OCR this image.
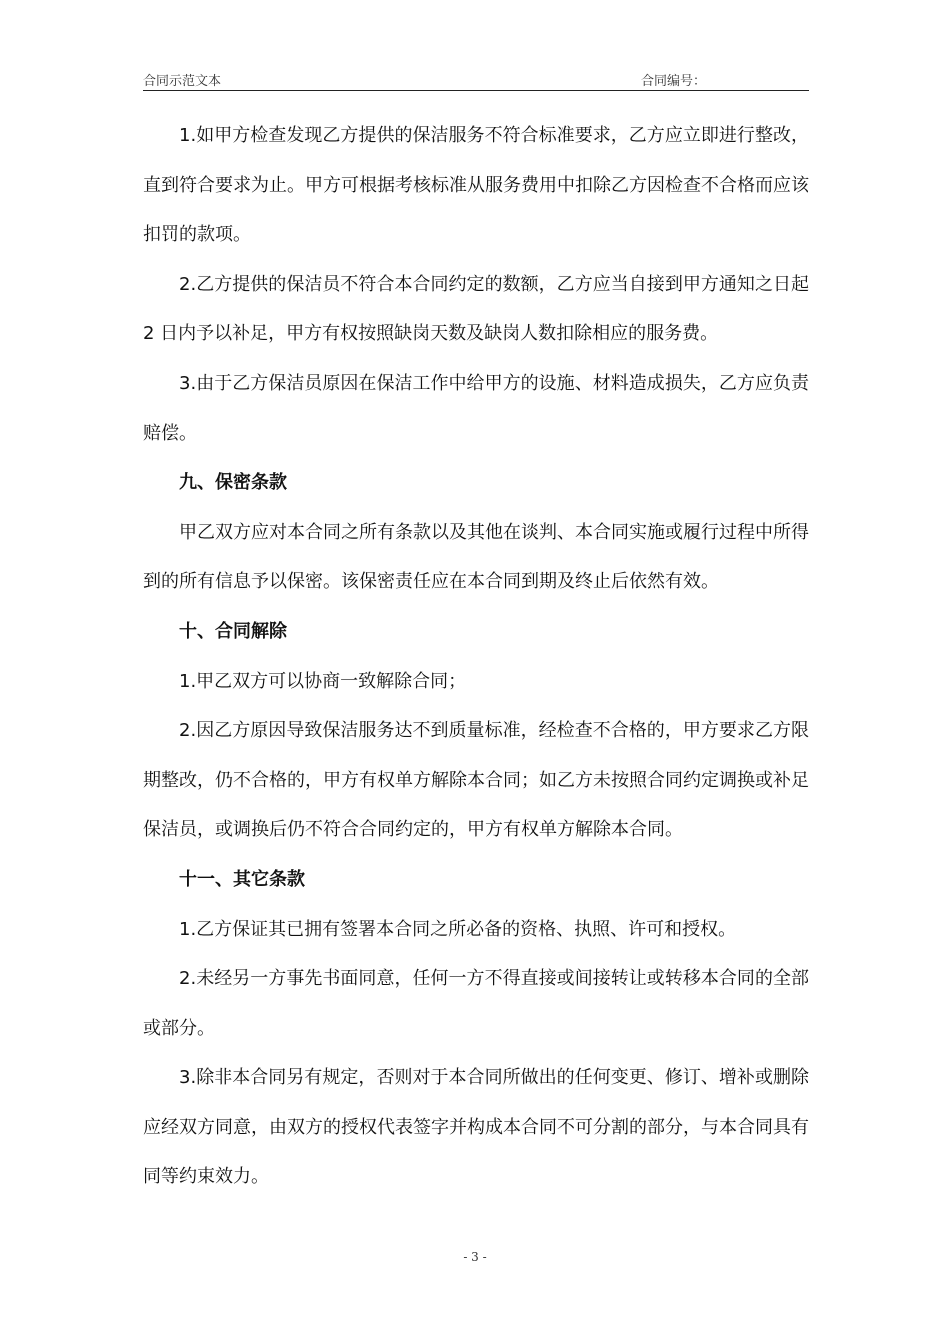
合同示范文本	合同编号：

1.如甲方检查发现乙方提供的保洁服务不符合标准要求，乙方应立即进行整改，直到符合要求为止。甲方可根据考核标准从服务费用中扣除乙方因检查不合格而应该扣罚的款项。

2.乙方提供的保洁员不符合本合同约定的数额，乙方应当自接到甲方通知之日起 2 日内予以补足，甲方有权按照缺岗天数及缺岗人数扣除相应的服务费。

3.由于乙方保洁员原因在保洁工作中给甲方的设施、材料造成损失，乙方应负责赔偿。

九、保密条款

甲乙双方应对本合同之所有条款以及其他在谈判、本合同实施或履行过程中所得到的所有信息予以保密。该保密责任应在本合同到期及终止后依然有效。

十、合同解除

1.甲乙双方可以协商一致解除合同；

2.因乙方原因导致保洁服务达不到质量标准，经检查不合格的，甲方要求乙方限期整改，仍不合格的，甲方有权单方解除本合同；如乙方未按照合同约定调换或补足保洁员，或调换后仍不符合合同约定的，甲方有权单方解除本合同。

十一、其它条款

1.乙方保证其已拥有签署本合同之所必备的资格、执照、许可和授权。

2.未经另一方事先书面同意，任何一方不得直接或间接转让或转移本合同的全部或部分。

3.除非本合同另有规定，否则对于本合同所做出的任何变更、修订、增补或删除应经双方同意，由双方的授权代表签字并构成本合同不可分割的部分，与本合同具有同等约束效力。

- 3 -
